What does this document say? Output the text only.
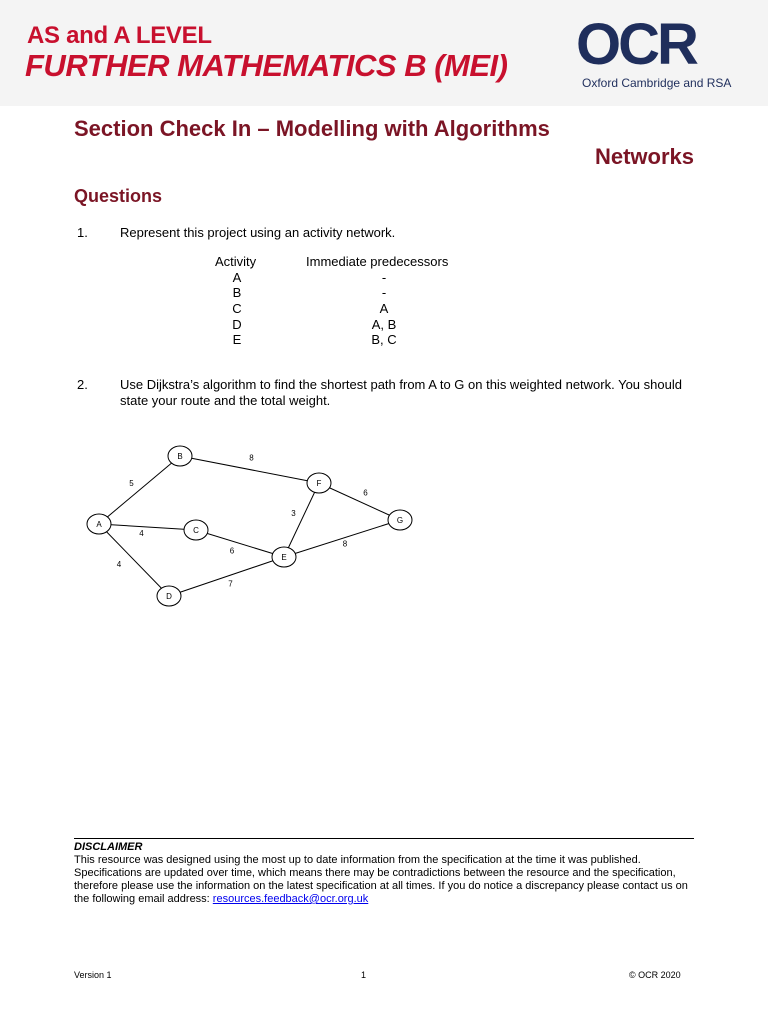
AS and A LEVEL
FURTHER MATHEMATICS B (MEI) OCR
Oxford Cambridge and RSA
Section Check In – Modelling with Algorithms
Networks
Questions
1. Represent this project using an activity network.
Activity	Immediate predecessors
A	-
B	-
C	A
D	A, B
E	B, C
2. Use Dijkstra’s algorithm to find the shortest path from A to G on this weighted network. You should state your route and the total weight.
5
8
4
4
6
7
3
6
8
A
B
C
D
E
F
G
DISCLAIMER
This resource was designed using the most up to date information from the specification at the time it was published. Specifications are updated over time, which means there may be contradictions between the resource and the specification, therefore please use the information on the latest specification at all times. If you do notice a discrepancy please contact us on the following email address: resources.feedback@ocr.org.uk
Version 1	1	© OCR 2020
